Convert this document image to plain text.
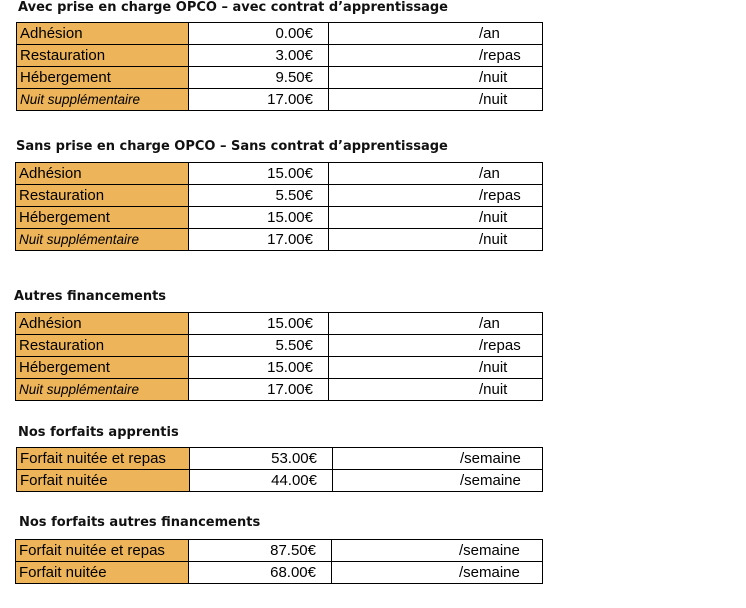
Avec prise en charge OPCO – avec contrat d’apprentissage
Adhésion	0.00€	/an
Restauration	3.00€	/repas
Hébergement	9.50€	/nuit
Nuit supplémentaire	17.00€	/nuit
Sans prise en charge OPCO – Sans contrat d’apprentissage
Adhésion	15.00€	/an
Restauration	5.50€	/repas
Hébergement	15.00€	/nuit
Nuit supplémentaire	17.00€	/nuit
Autres financements
Adhésion	15.00€	/an
Restauration	5.50€	/repas
Hébergement	15.00€	/nuit
Nuit supplémentaire	17.00€	/nuit
Nos forfaits apprentis
Forfait nuitée et repas	53.00€	/semaine
Forfait nuitée	44.00€	/semaine
Nos forfaits autres financements
Forfait nuitée et repas	87.50€	/semaine
Forfait nuitée	68.00€	/semaine
